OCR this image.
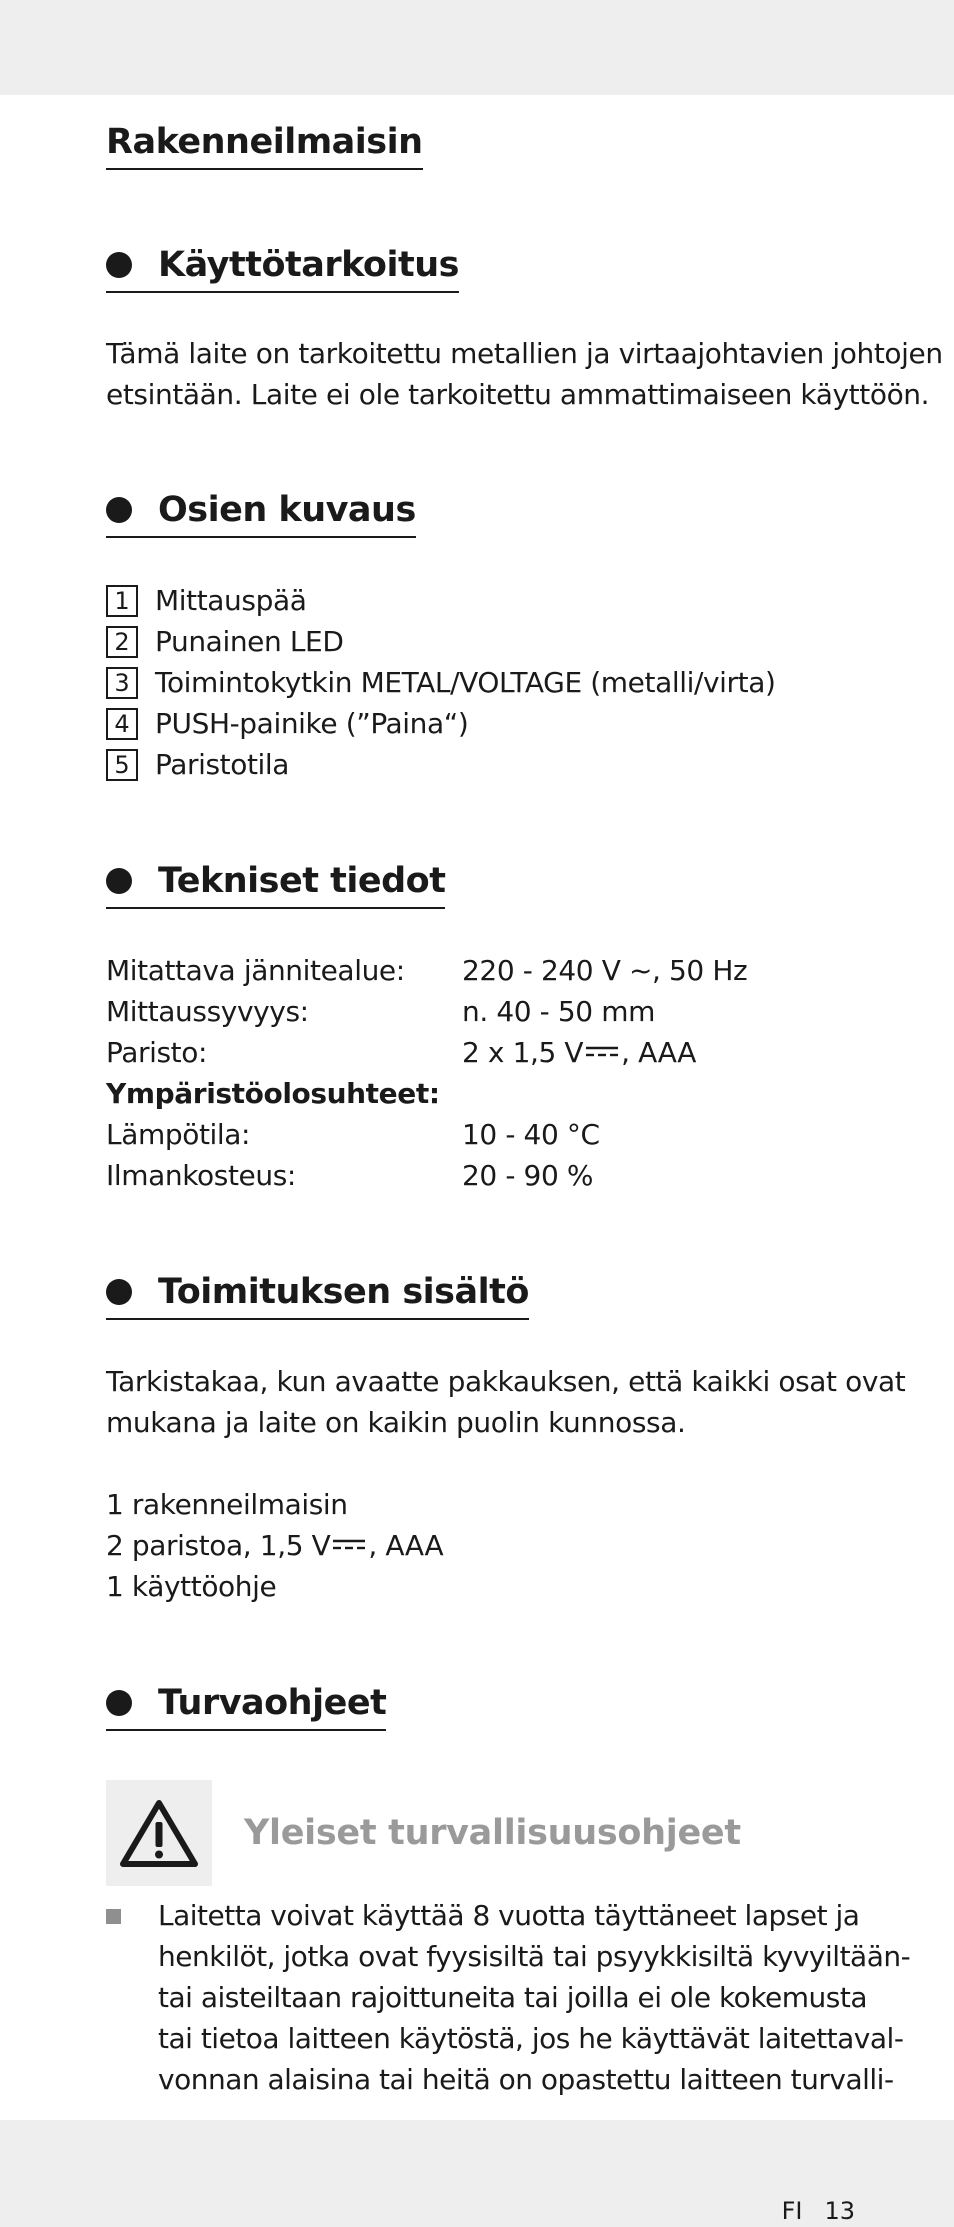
Rakenneilmaisin
Käyttötarkoitus
Tämä laite on tarkoitettu metallien ja virtaajohtavien johtojen
etsintään. Laite ei ole tarkoitettu ammattimaiseen käyttöön.
Osien kuvaus
1 Mittauspää
2 Punainen LED
3 Toimintokytkin METAL/VOLTAGE (metalli/virta)
4 PUSH-painike (”Paina“)
5 Paristotila
Tekniset tiedot
Mitattava jännitealue:	220 - 240 V ~, 50 Hz
Mittaussyvyys:	n. 40 - 50 mm
Paristo:	2 x 1,5 V , AAA
Ympäristöolosuhteet:
Lämpötila:	10 - 40 °C
Ilmankosteus:	20 - 90 %
Toimituksen sisältö
Tarkistakaa, kun avaatte pakkauksen, että kaikki osat ovat
mukana ja laite on kaikin puolin kunnossa.
1 rakenneilmaisin
2 paristoa, 1,5 V , AAA
1 käyttöohje
Turvaohjeet
Yleiset turvallisuusohjeet
Laitetta voivat käyttää 8 vuotta täyttäneet lapset ja
henkilöt, jotka ovat fyysisiltä tai psyykkisiltä kyvyiltään-
tai aisteiltaan rajoittuneita tai joilla ei ole kokemusta
tai tietoa laitteen käytöstä, jos he käyttävät laitettaval-
vonnan alaisina tai heitä on opastettu laitteen turvalli-
FI 13
